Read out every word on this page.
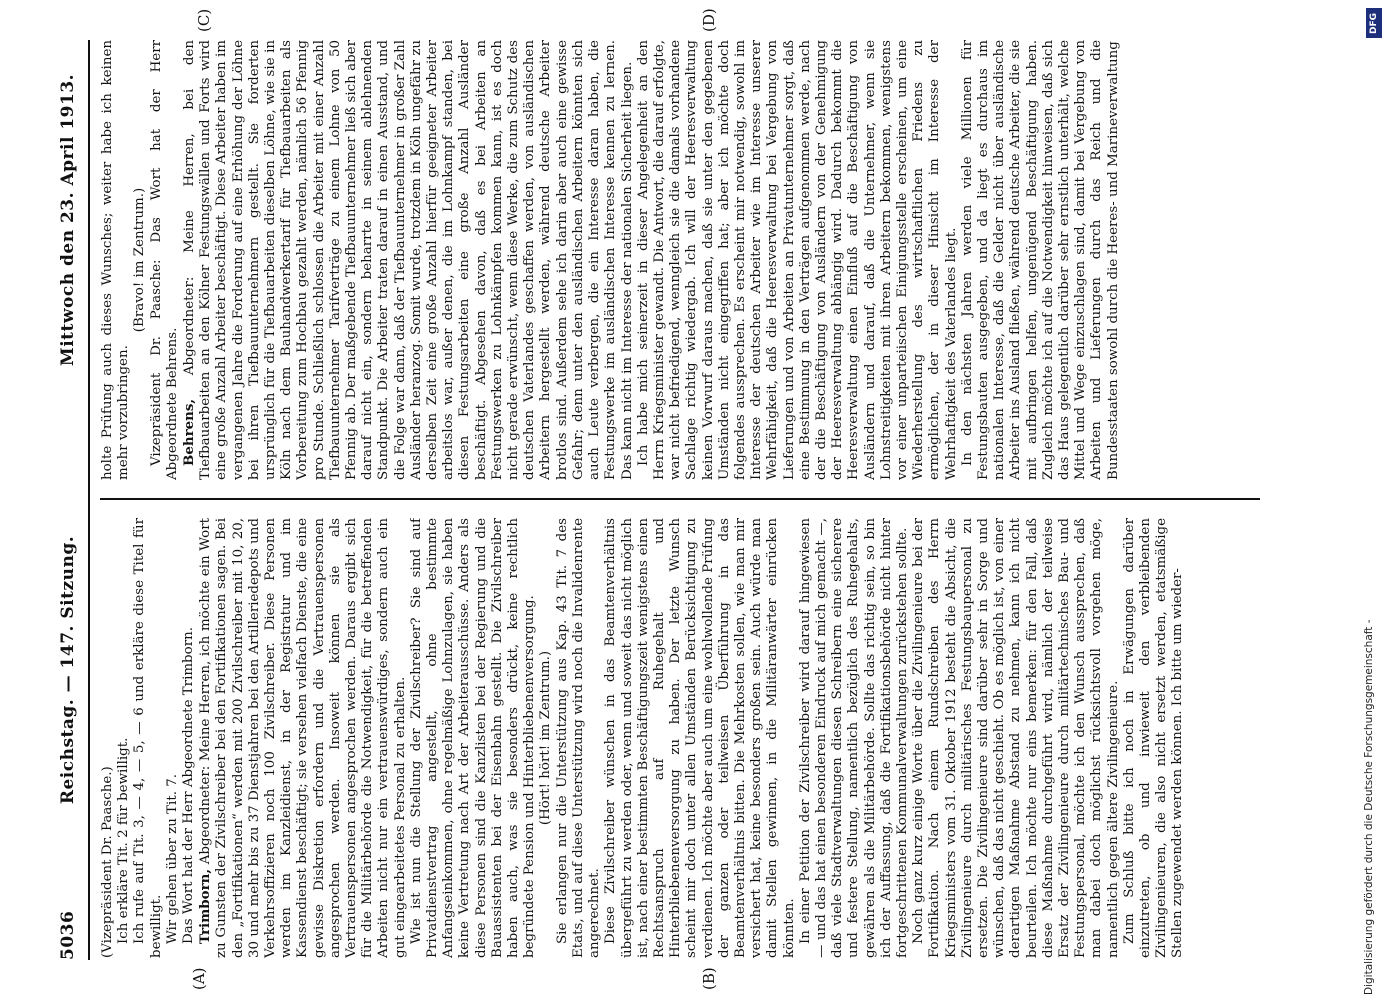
5036
Reichstag. — 147. Sitzung.
Mittwoch den 23. April 1913.
(A)	(B)
(C)	(D)

(Vizepräsident Dr. Paasche.) Ich erkläre Tit. 2 für bewilligt. Ich rufe auf Tit. 3, — 4, — 5, — 6 und erkläre diese Titel für bewilligt. Wir gehen über zu Tit. 7. Das Wort hat der Herr Abgeordnete Trimborn. Trimborn, Abgeordneter: Meine Herren, ich möchte ein Wort zu Gunsten der Zivilschreiber bei den Fortifikationen sagen. Bei den „Fortifikationen“ werden mit 200 Zivilschreiber mit 10, 20, 30 und mehr bis zu 37 Dienstjahren bei den Artilleriedepots und Verkehrsoffizieren noch 100 Zivilschreiber. Diese Personen werden im Kanzleidienst, in der Registratur und im Kassendienst beschäftigt; sie versehen vielfach Dienste, die eine gewisse Diskretion erfordern und die Vertrauenspersonen angesprochen werden. Insoweit können sie als Vertrauenspersonen angesprochen werden. Daraus ergibt sich für die Militärbehörde die Notwendigkeit, für die betreffenden Arbeiten nicht nur ein vertrauenswürdiges, sondern auch ein gut eingearbeitetes Personal zu erhalten. Wie ist nun die Stellung der Zivilschreiber? Sie sind auf Privatdienstvertrag angestellt, ohne bestimmte Anfangseinkommen, ohne regelmäßige Lohnzulagen, sie haben keine Vertretung nach Art der Arbeiterausschüsse. Anders als diese Personen sind die Kanzlisten bei der Regierung und die Bauassistenten bei der Eisenbahn gestellt. Die Zivilschreiber haben auch, was sie besonders drückt, keine rechtlich begründete Pension und Hinterbliebenenversorgung. (Hört! hört! im Zentrum.) Sie erlangen nur die Unterstützung aus Kap. 43 Tit. 7 des Etats, und auf diese Unterstützung wird noch die Invalidenrente angerechnet. Diese Zivilschreiber wünschen in das Beamtenverhältnis übergeführt zu werden oder, wenn und soweit das nicht möglich ist, nach einer bestimmten Beschäftigungszeit wenigstens einen Rechtsanspruch auf Ruhegehalt und Hinterbliebenenversorgung zu haben. Der letzte Wunsch scheint mir doch unter allen Umständen Berücksichtigung zu verdienen. Ich möchte aber auch um eine wohlwollende Prüfung der ganzen oder teilweisen Überführung in das Beamtenverhältnis bitten. Die Mehrkosten sollen, wie man mir versichert hat, keine besonders großen sein. Auch würde man damit Stellen gewinnen, in die Militäranwärter einrücken könnten. In einer Petition der Zivilschreiber wird darauf hingewiesen — und das hat einen besonderen Eindruck auf mich gemacht —, daß viele Stadtverwaltungen diesen Schreibern eine sicherere und festere Stellung, namentlich bezüglich des Ruhegehalts, gewähren als die Militärbehörde. Sollte das richtig sein, so bin ich der Auffassung, daß die Fortifikationsbehörde nicht hinter fortgeschrittenen Kommunalverwaltungen zurückstehen sollte. Noch ganz kurz einige Worte über die Zivilingenieure bei der Fortifikation. Nach einem Rundschreiben des Herrn Kriegsministers vom 31. Oktober 1912 besteht die Absicht, die Zivilingenieure durch militärisches Festungsbaupersonal zu ersetzen. Die Zivilingenieure sind darüber sehr in Sorge und wünschen, daß das nicht geschieht. Ob es möglich ist, von einer derartigen Maßnahme Abstand zu nehmen, kann ich nicht beurteilen. Ich möchte nur eins bemerken: für den Fall, daß diese Maßnahme durchgeführt wird, nämlich der teilweise Ersatz der Zivilingenieure durch militärtechnisches Bau- und Festungspersonal, möchte ich den Wunsch aussprechen, daß man dabei doch möglichst rücksichtsvoll vorgehen möge, namentlich gegen ältere Zivilingenieure. Zum Schluß bitte ich noch in Erwägungen darüber einzutreten, ob und inwieweit den verbleibenden Zivilingenieuren, die also nicht ersetzt werden, etatsmäßige Stellen zugewendet werden können. Ich bitte um wieder-

holte Prüfung auch dieses Wunsches; weiter habe ich keinen mehr vorzubringen.

(Bravo! im Zentrum.) Vizepräsident Dr. Paasche: Das Wort hat der Herr Abgeordnete Behrens. Behrens, Abgeordneter: Meine Herren, bei den Tiefbauarbeiten an den Kölner Festungswällen und Forts wird eine große Anzahl Arbeiter beschäftigt. Diese Arbeiter haben im vergangenen Jahre die Forderung auf eine Erhöhung der Löhne bei ihren Tiefbauunternehmern gestellt. Sie forderten ursprünglich für die Tiefbauarbeiten dieselben Löhne, wie sie in Köln nach dem Bauhandwerkertarif für Tiefbauarbeiten als Vorbereitung zum Hochbau gezahlt werden, nämlich 56 Pfennig pro Stunde. Schließlich schlossen die Arbeiter mit einer Anzahl Tiefbauunternehmer Tarifverträge zu einem Lohne von 50 Pfennig ab. Der maßgebende Tiefbauunternehmer ließ sich aber darauf nicht ein, sondern beharrte in seinem ablehnenden Standpunkt. Die Arbeiter traten darauf in einen Ausstand, und die Folge war dann, daß der Tiefbauunternehmer in großer Zahl Ausländer heranzog. Somit wurde, trotzdem in Köln ungefähr zu derselben Zeit eine große Anzahl hierfür geeigneter Arbeiter arbeitslos war, außer denen, die im Lohnkampf standen, bei diesen Festungsarbeiten eine große Anzahl Ausländer beschäftigt. Abgesehen davon, daß es bei Arbeiten an Festungswerken zu Lohnkämpfen kommen kann, ist es doch nicht gerade erwünscht, wenn diese Werke, die zum Schutz des deutschen Vaterlandes geschaffen werden, von ausländischen Arbeitern hergestellt werden, während deutsche Arbeiter brotlos sind. Außerdem sehe ich darin aber auch eine gewisse Gefahr; denn unter den ausländischen Arbeitern könnten sich auch Leute verbergen, die ein Interesse daran haben, die Festungswerke im ausländischen Interesse kennen zu lernen. Das kann nicht im Interesse der nationalen Sicherheit liegen. Ich habe mich seinerzeit in dieser Angelegenheit an den Herrn Kriegsminister gewandt. Die Antwort, die darauf erfolgte, war nicht befriedigend, wenngleich sie die damals vorhandene Sachlage richtig wiedergab. Ich will der Heeresverwaltung keinen Vorwurf daraus machen, daß sie unter den gegebenen Umständen nicht eingegriffen hat; aber ich möchte doch folgendes aussprechen. Es erscheint mir notwendig, sowohl im Interesse der deutschen Arbeiter wie im Interesse unserer Wehrfähigkeit, daß die Heeresverwaltung bei Vergebung von Lieferungen und von Arbeiten an Privatunternehmer sorgt, daß eine Bestimmung in den Verträgen aufgenommen werde, nach der die Beschäftigung von Ausländern von der Genehmigung der Heeresverwaltung abhängig wird. Dadurch bekommt die Heeresverwaltung einen Einfluß auf die Beschäftigung von Ausländern und darauf, daß die Unternehmer, wenn sie Lohnstreitigkeiten mit ihren Arbeitern bekommen, wenigstens vor einer unparteiischen Einigungsstelle erscheinen, um eine Wiederherstellung des wirtschaftlichen Friedens zu ermöglichen, der in dieser Hinsicht im Interesse der Wehrhaftigkeit des Vaterlandes liegt. In den nächsten Jahren werden viele Millionen für Festungsbauten ausgegeben, und da liegt es durchaus im nationalen Interesse, daß die Gelder nicht über ausländische Arbeiter ins Ausland fließen, während deutsche Arbeiter, die sie mit aufbringen helfen, ungenügend Beschäftigung haben. Zugleich möchte ich auf die Notwendigkeit hinweisen, daß sich das Haus gelegentlich darüber sehr ernstlich unterhält, welche Mittel und Wege einzuschlagen sind, damit bei Vergebung von Arbeiten und Lieferungen durch das Reich und die Bundesstaaten sowohl durch die Heeres- und Marineverwaltung

Digitalisierung gefördert durch die Deutsche Forschungsgemeinschaft -
DFG
